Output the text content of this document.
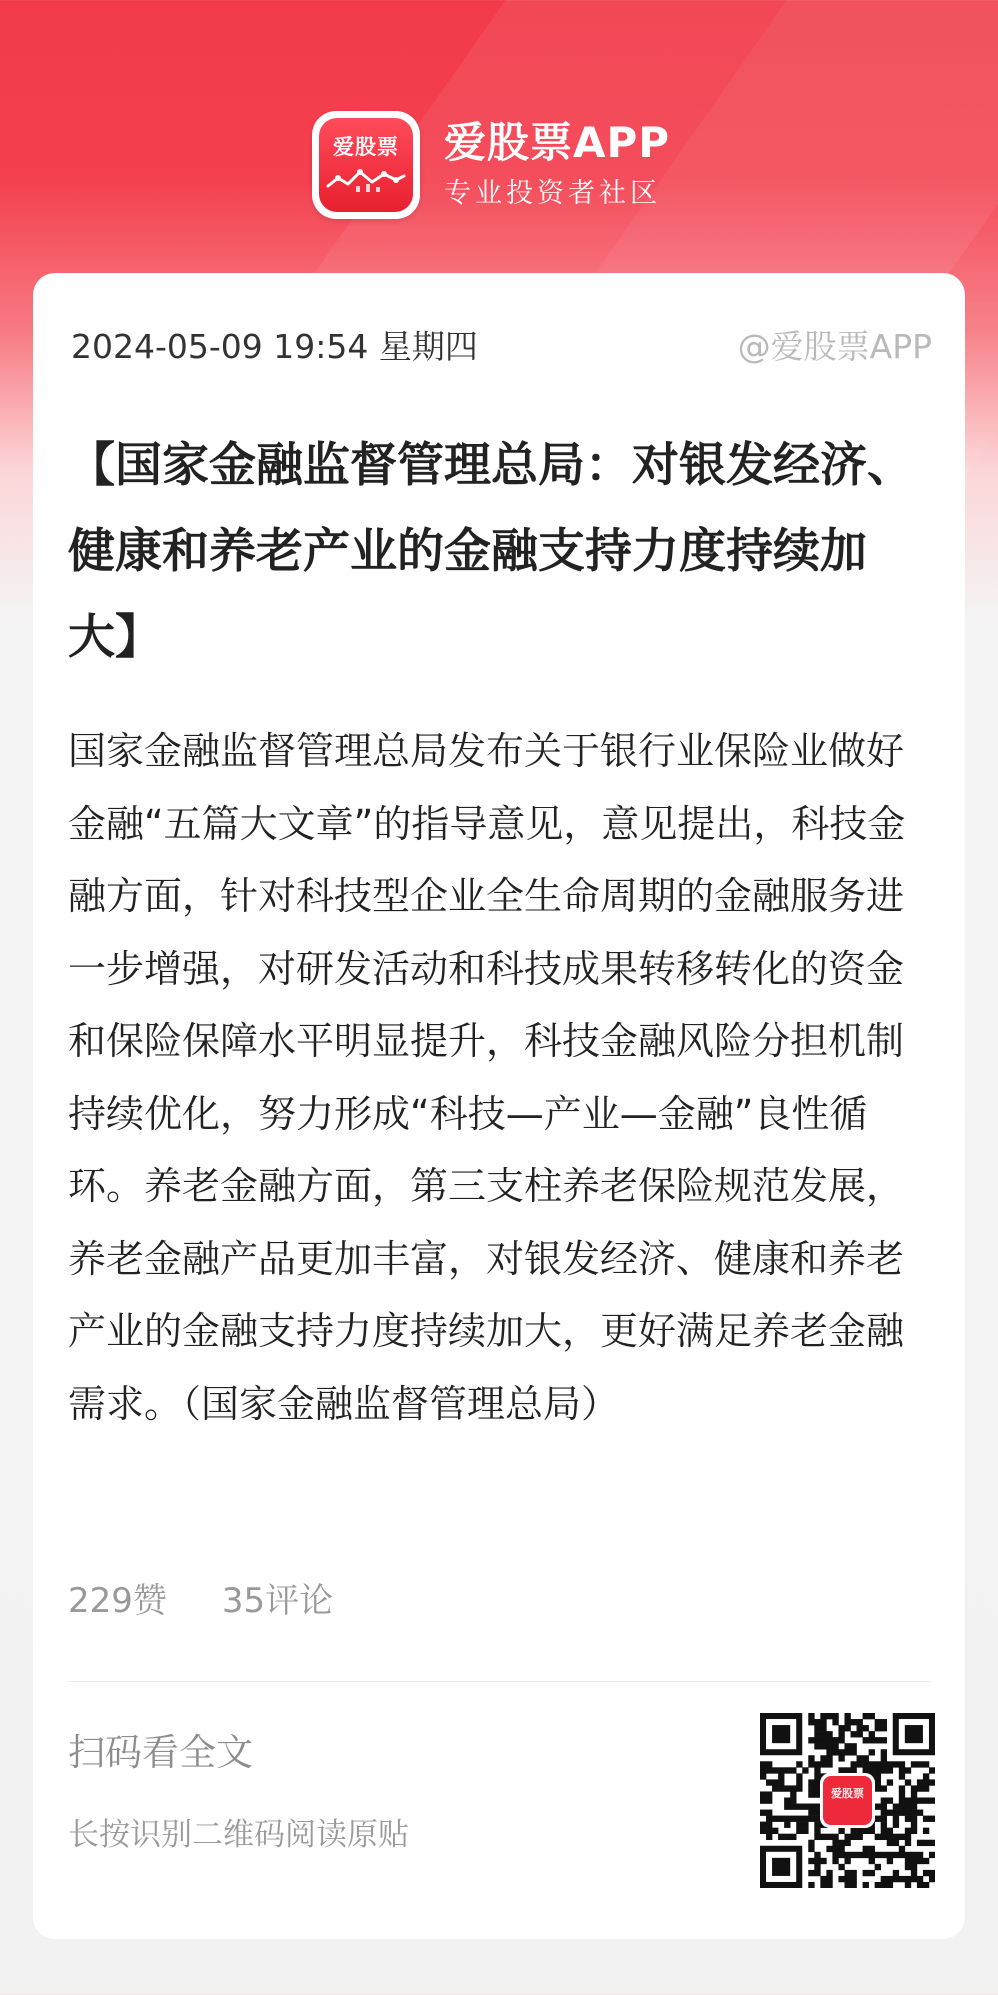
爱股票	爱股票APP
专业投资者社区
2024-05-09 19:54 星期四	@爱股票APP
【国家金融监督管理总局：对银发经济、健康和养老产业的金融支持力度持续加大】

国家金融监督管理总局发布关于银行业保险业做好金融“五篇大文章”的指导意见，意见提出，科技金融方面，针对科技型企业全生命周期的金融服务进一步增强，对研发活动和科技成果转移转化的资金和保险保障水平明显提升，科技金融风险分担机制持续优化，努力形成“科技—产业—金融”良性循环。养老金融方面，第三支柱养老保险规范发展，养老金融产品更加丰富，对银发经济、健康和养老产业的金融支持力度持续加大，更好满足养老金融需求。（国家金融监督管理总局）

229赞 35评论
扫码看全文
长按识别二维码阅读原贴
爱股票
